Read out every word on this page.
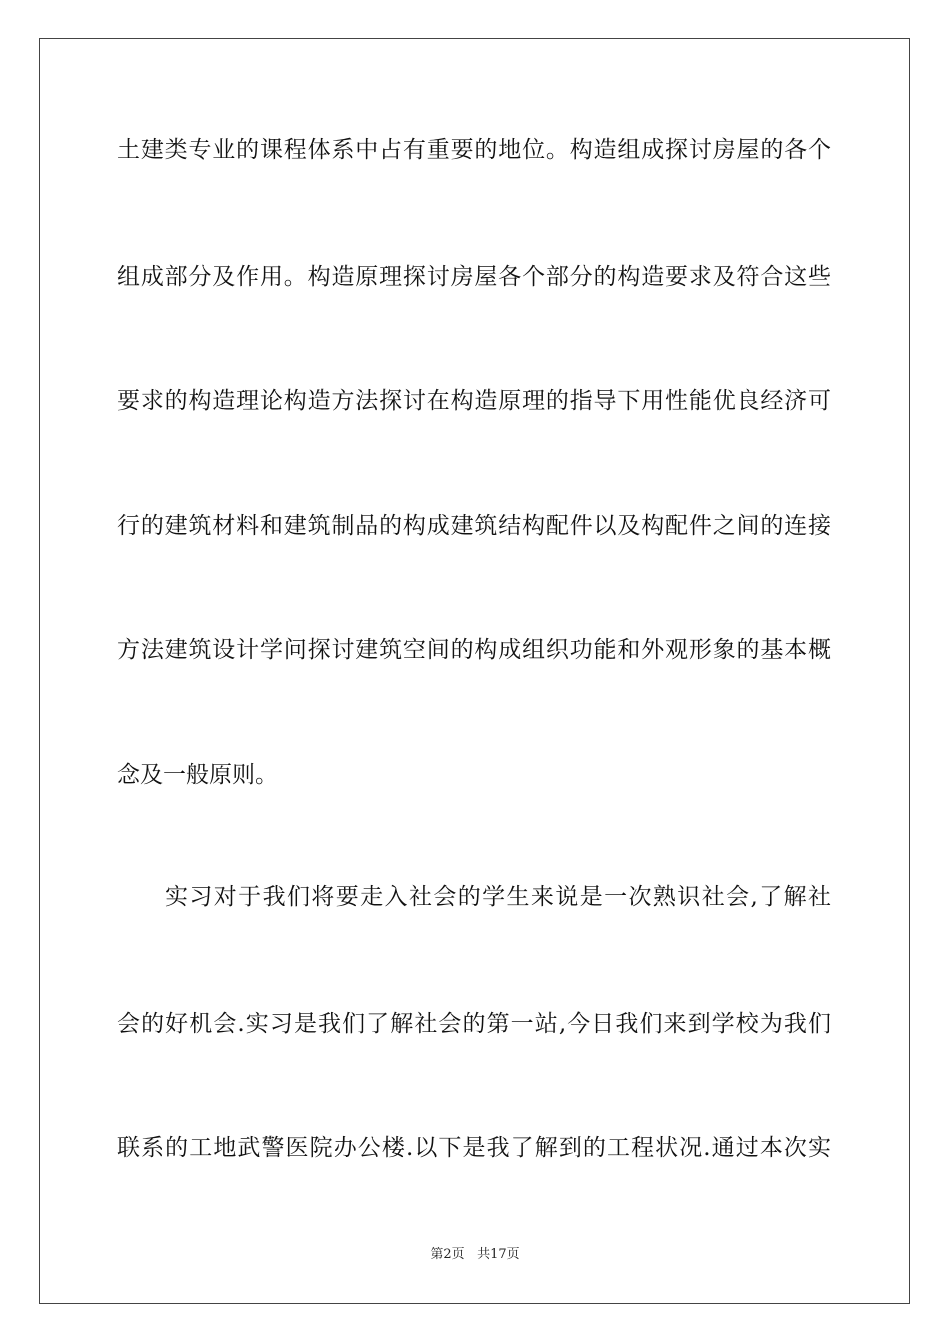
土建类专业的课程体系中占有重要的地位。构造组成探讨房屋的各个
组成部分及作用。构造原理探讨房屋各个部分的构造要求及符合这些
要求的构造理论构造方法探讨在构造原理的指导下用性能优良经济可
行的建筑材料和建筑制品的构成建筑结构配件以及构配件之间的连接
方法建筑设计学问探讨建筑空间的构成组织功能和外观形象的基本概
念及一般原则。
实习对于我们将要走入社会的学生来说是一次熟识社会,了解社
会的好机会.实习是我们了解社会的第一站,今日我们来到学校为我们
联系的工地武警医院办公楼.以下是我了解到的工程状况.通过本次实
第2页 共17页
